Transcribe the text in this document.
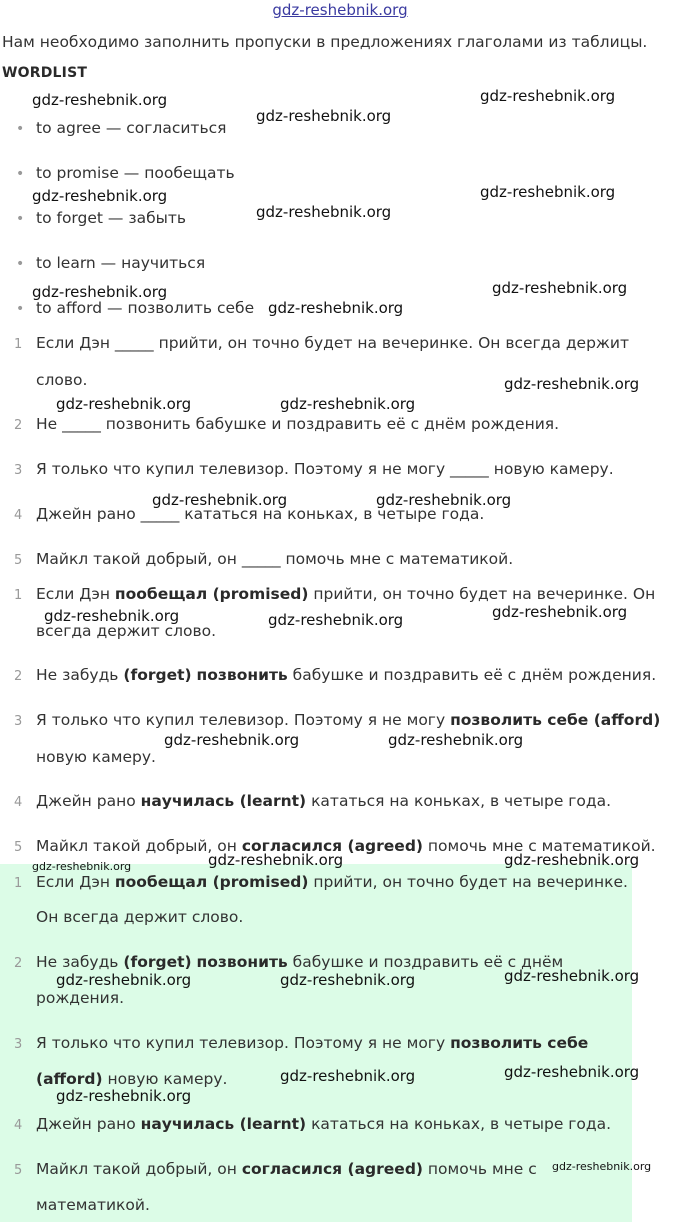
gdz-reshebnik.org
Нам необходимо заполнить пропуски в предложениях глаголами из таблицы.
WORDLIST
• to agree — согласиться
• to promise — пообещать
• to forget — забыть
• to learn — научиться
• to afford — позволить себе
1 Если Дэн _____ прийти, он точно будет на вечеринке. Он всегда держит
слово.
2 Не _____ позвонить бабушке и поздравить её с днём рождения.
3 Я только что купил телевизор. Поэтому я не могу _____ новую камеру.
4 Джейн рано _____ кататься на коньках, в четыре года.
5 Майкл такой добрый, он _____ помочь мне с математикой.
1 Если Дэн пообещал (promised) прийти, он точно будет на вечеринке. Он
всегда держит слово.
2 Не забудь (forget) позвонить бабушке и поздравить её с днём рождения.
3 Я только что купил телевизор. Поэтому я не могу позволить себе (afford)
новую камеру.
4 Джейн рано научилась (learnt) кататься на коньках, в четыре года.
5 Майкл такой добрый, он согласился (agreed) помочь мне с математикой.
1 Если Дэн пообещал (promised) прийти, он точно будет на вечеринке.
Он всегда держит слово.
2 Не забудь (forget) позвонить бабушке и поздравить её с днём
рождения.
3 Я только что купил телевизор. Поэтому я не могу позволить себе
(afford) новую камеру.
4 Джейн рано научилась (learnt) кататься на коньках, в четыре года.
5 Майкл такой добрый, он согласился (agreed) помочь мне с
математикой.
gdz-reshebnik.org	gdz-reshebnik.org
gdz-reshebnik.org
gdz-reshebnik.org	gdz-reshebnik.org
gdz-reshebnik.org
gdz-reshebnik.org	gdz-reshebnik.org
gdz-reshebnik.org
gdz-reshebnik.org
gdz-reshebnik.org	gdz-reshebnik.org
gdz-reshebnik.org	gdz-reshebnik.org
gdz-reshebnik.org	gdz-reshebnik.org
gdz-reshebnik.org
gdz-reshebnik.org	gdz-reshebnik.org
gdz-reshebnik.org	gdz-reshebnik.org	gdz-reshebnik.org
gdz-reshebnik.org
gdz-reshebnik.org	gdz-reshebnik.org
gdz-reshebnik.org
gdz-reshebnik.org
gdz-reshebnik.org
gdz-reshebnik.org
